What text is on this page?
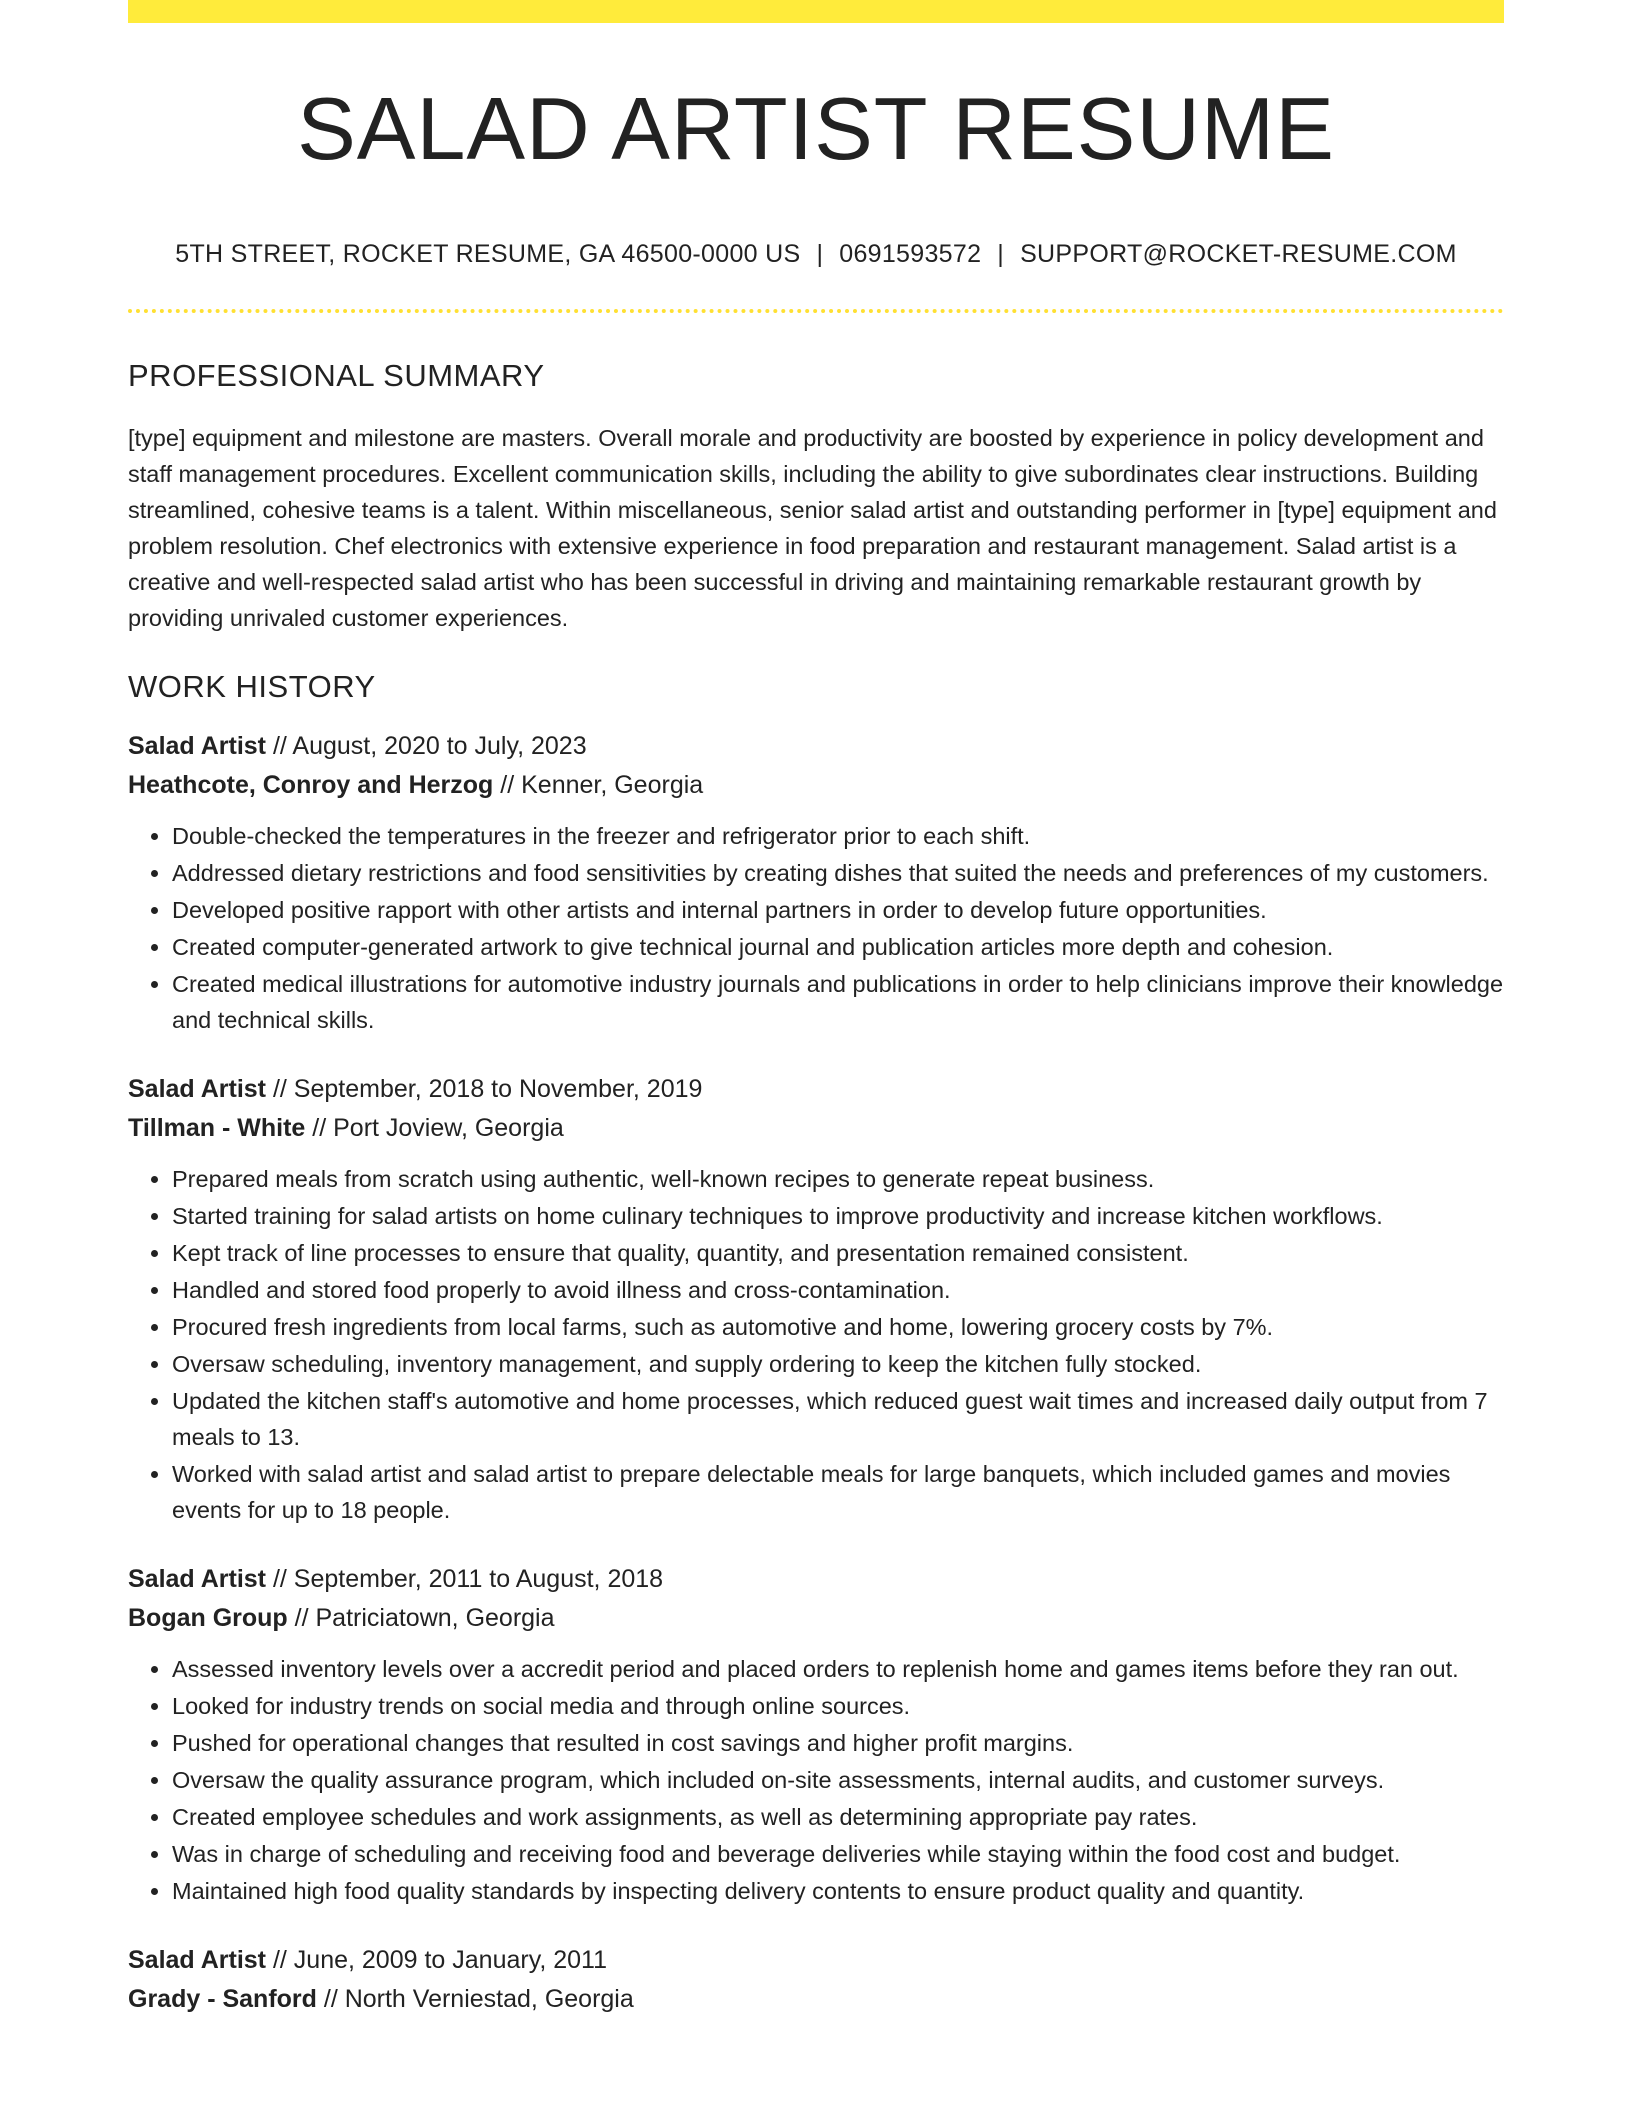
SALAD ARTIST RESUME
5TH STREET, ROCKET RESUME, GA 46500-0000 US | 0691593572 | SUPPORT@ROCKET-RESUME.COM
PROFESSIONAL SUMMARY

[type] equipment and milestone are masters. Overall morale and productivity are boosted by experience in policy development and staff management procedures. Excellent communication skills, including the ability to give subordinates clear instructions. Building streamlined, cohesive teams is a talent. Within miscellaneous, senior salad artist and outstanding performer in [type] equipment and problem resolution. Chef electronics with extensive experience in food preparation and restaurant management. Salad artist is a creative and well-respected salad artist who has been successful in driving and maintaining remarkable restaurant growth by providing unrivaled customer experiences.

WORK HISTORY
Salad Artist // August, 2020 to July, 2023
Heathcote, Conroy and Herzog // Kenner, Georgia
• Double-checked the temperatures in the freezer and refrigerator prior to each shift.
• Addressed dietary restrictions and food sensitivities by creating dishes that suited the needs and preferences of my customers.
• Developed positive rapport with other artists and internal partners in order to develop future opportunities.
• Created computer-generated artwork to give technical journal and publication articles more depth and cohesion.
• Created medical illustrations for automotive industry journals and publications in order to help clinicians improve their knowledge and technical skills.
Salad Artist // September, 2018 to November, 2019
Tillman - White // Port Joview, Georgia
• Prepared meals from scratch using authentic, well-known recipes to generate repeat business.
• Started training for salad artists on home culinary techniques to improve productivity and increase kitchen workflows.
• Kept track of line processes to ensure that quality, quantity, and presentation remained consistent.
• Handled and stored food properly to avoid illness and cross-contamination.
• Procured fresh ingredients from local farms, such as automotive and home, lowering grocery costs by 7%.
• Oversaw scheduling, inventory management, and supply ordering to keep the kitchen fully stocked.
• Updated the kitchen staff's automotive and home processes, which reduced guest wait times and increased daily output from 7 meals to 13.
• Worked with salad artist and salad artist to prepare delectable meals for large banquets, which included games and movies events for up to 18 people.
Salad Artist // September, 2011 to August, 2018
Bogan Group // Patriciatown, Georgia
• Assessed inventory levels over a accredit period and placed orders to replenish home and games items before they ran out.
• Looked for industry trends on social media and through online sources.
• Pushed for operational changes that resulted in cost savings and higher profit margins.
• Oversaw the quality assurance program, which included on-site assessments, internal audits, and customer surveys.
• Created employee schedules and work assignments, as well as determining appropriate pay rates.
• Was in charge of scheduling and receiving food and beverage deliveries while staying within the food cost and budget.
• Maintained high food quality standards by inspecting delivery contents to ensure product quality and quantity.
Salad Artist // June, 2009 to January, 2011
Grady - Sanford // North Verniestad, Georgia
